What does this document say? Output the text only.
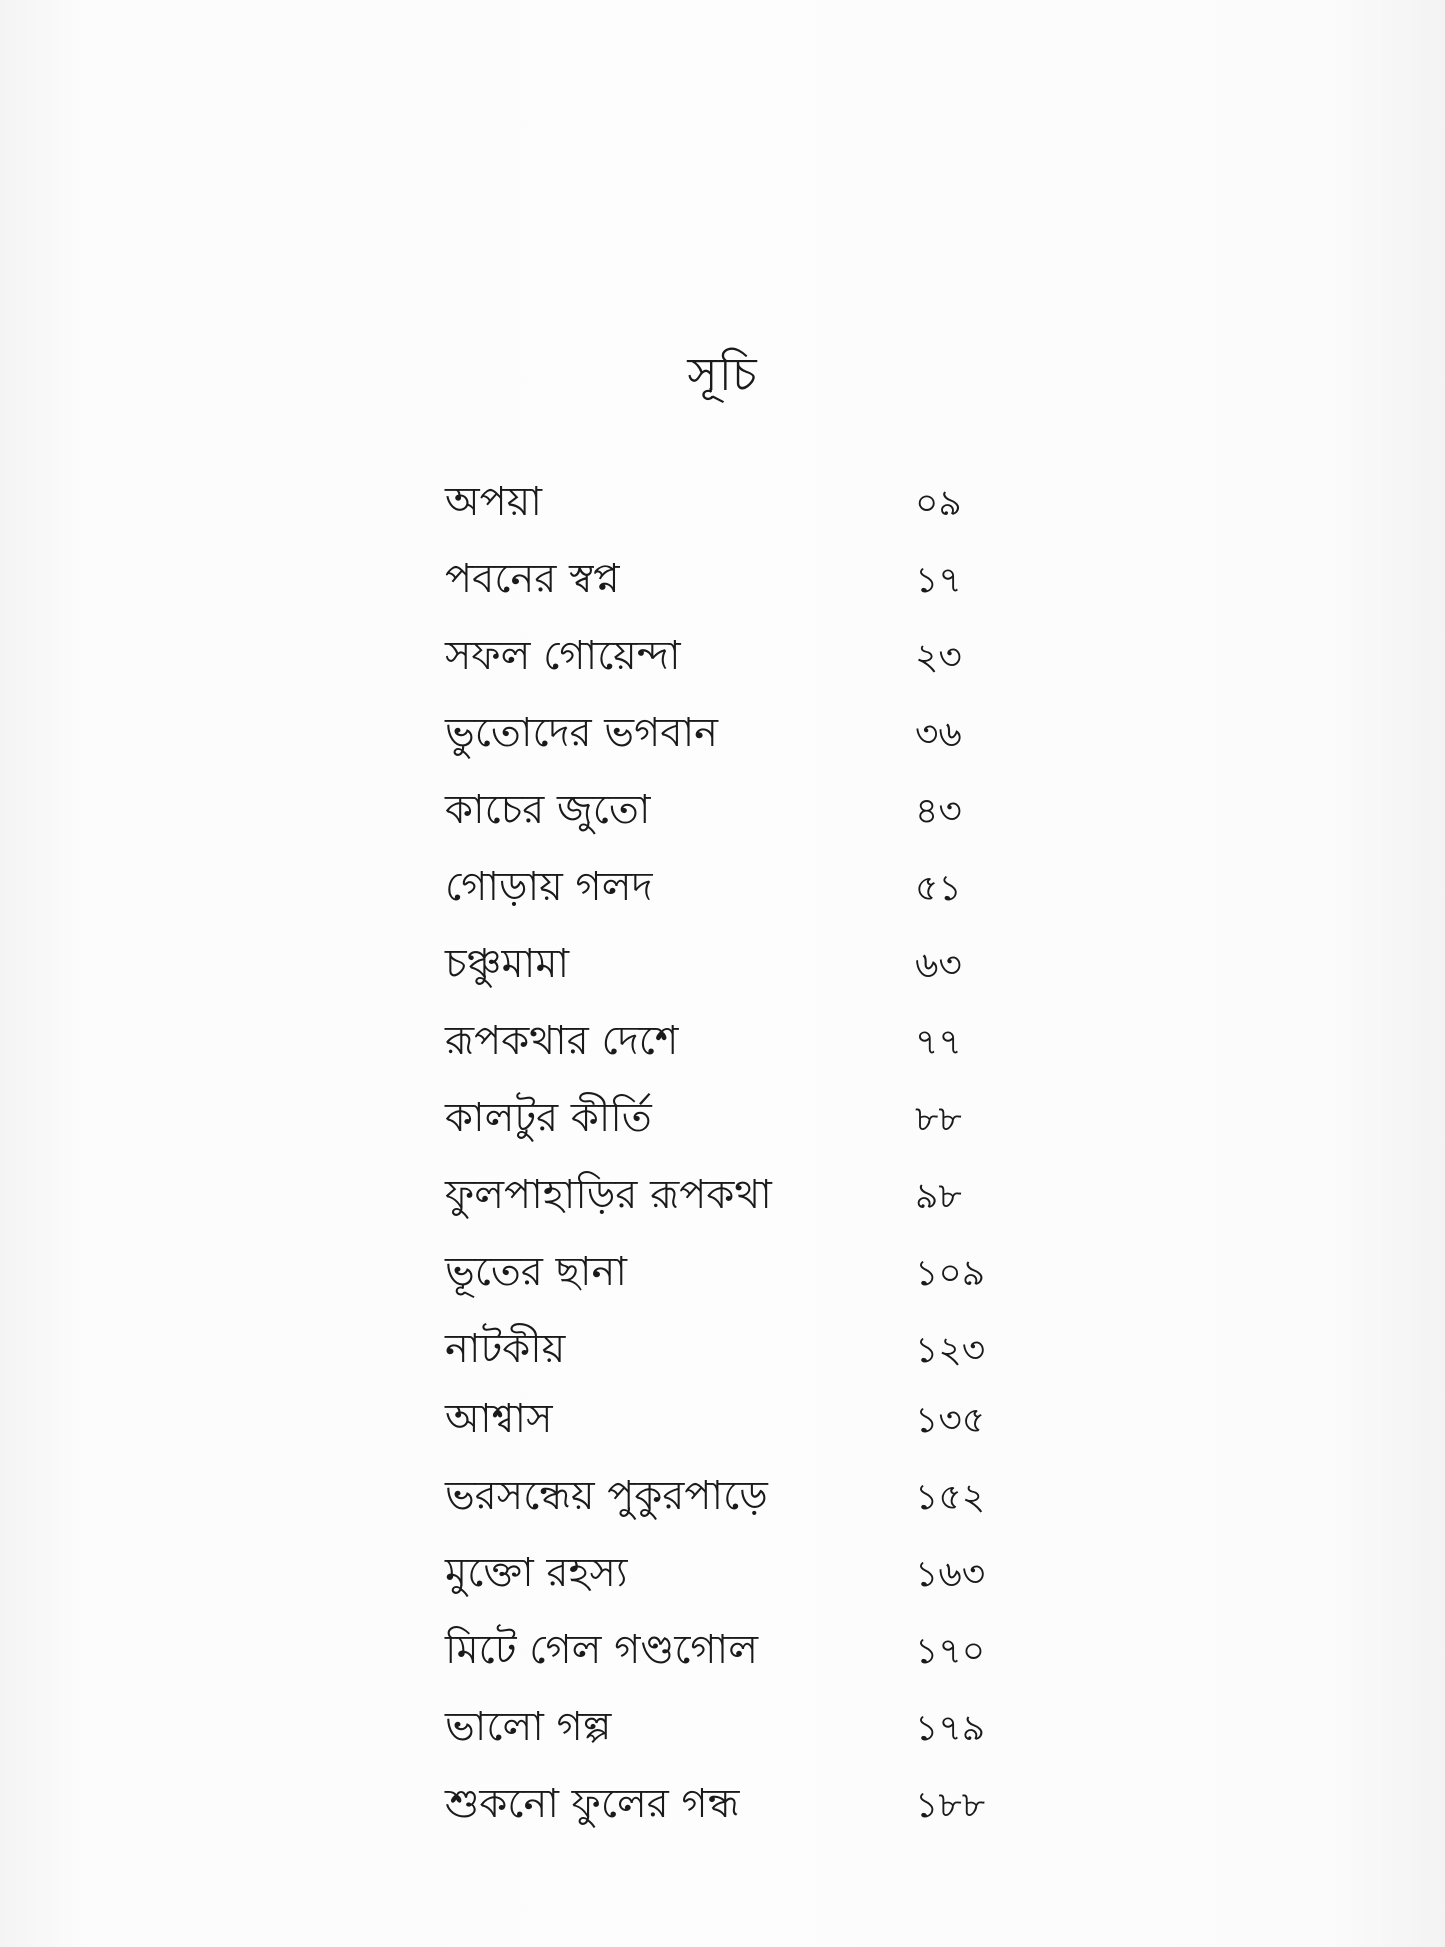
সূচি
অপয়া	০৯
পবনের স্বপ্ন	১৭
সফল গোয়েন্দা	২৩
ভুতোদের ভগবান	৩৬
কাচের জুতো	৪৩
গোড়ায় গলদ	৫১
চঞ্চুমামা	৬৩
রূপকথার দেশে	৭৭
কালটুর কীর্তি	৮৮
ফুলপাহাড়ির রূপকথা	৯৮
ভূতের ছানা	১০৯
নাটকীয়	১২৩
আশ্বাস	১৩৫
ভরসন্ধেয় পুকুরপাড়ে	১৫২
মুক্তো রহস্য	১৬৩
মিটে গেল গণ্ডগোল	১৭০
ভালো গল্প	১৭৯
শুকনো ফুলের গন্ধ	১৮৮
